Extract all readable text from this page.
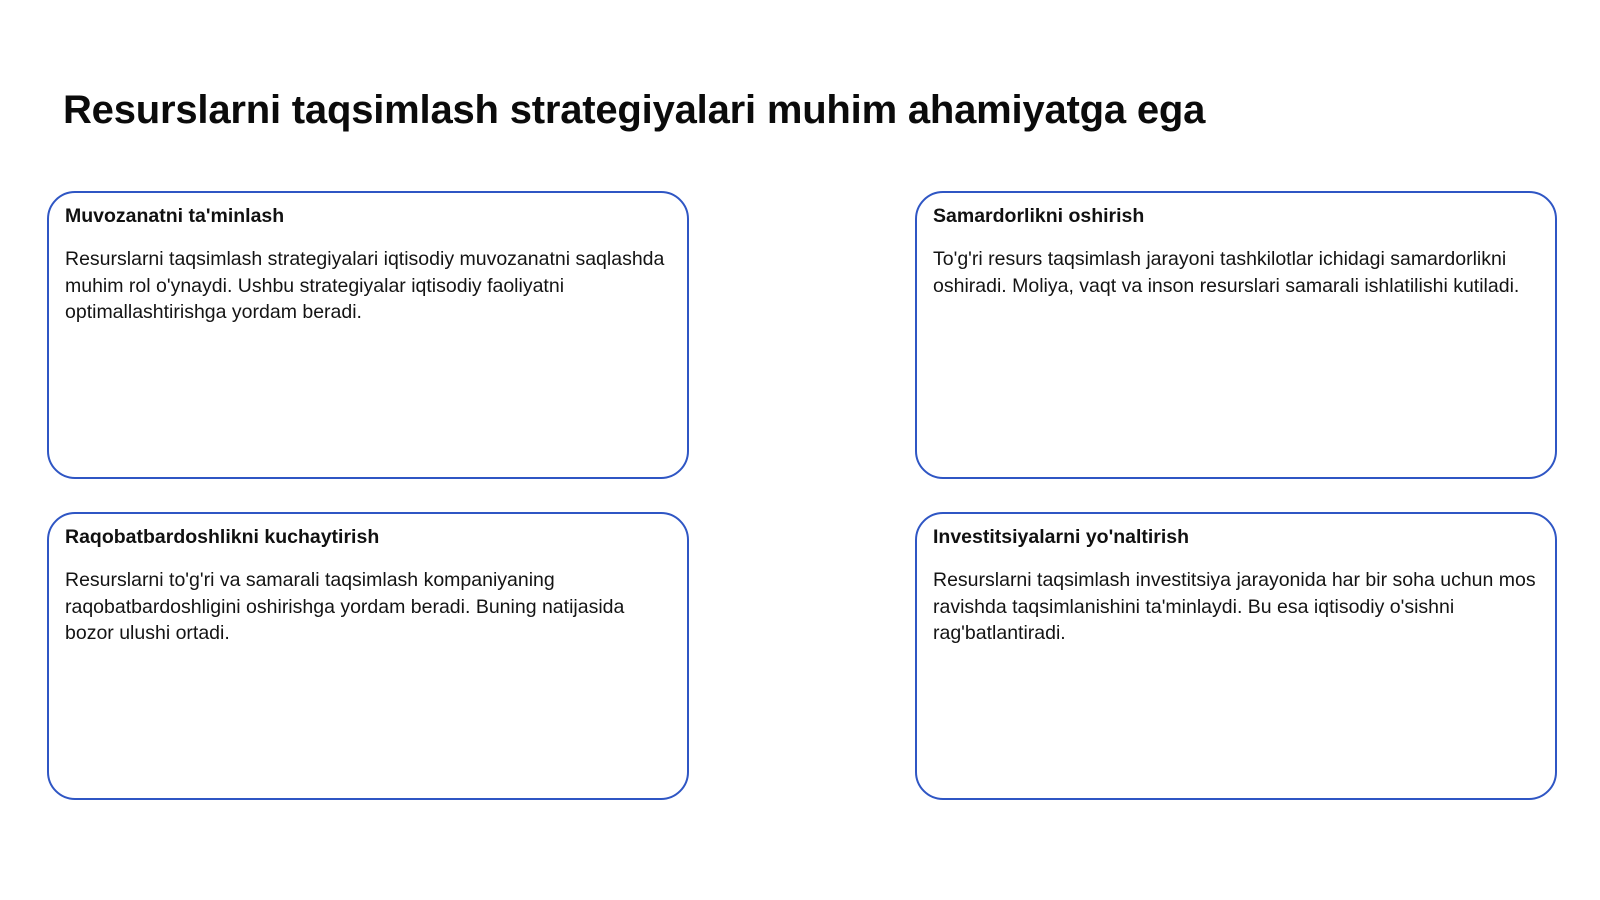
Resurslarni taqsimlash strategiyalari muhim ahamiyatga ega
Muvozanatni ta'minlash

Resurslarni taqsimlash strategiyalari iqtisodiy muvozanatni saqlashda muhim rol o'ynaydi. Ushbu strategiyalar iqtisodiy faoliyatni optimallashtirishga yordam beradi.

Samardorlikni oshirish

To'g'ri resurs taqsimlash jarayoni tashkilotlar ichidagi samardorlikni oshiradi. Moliya, vaqt va inson resurslari samarali ishlatilishi kutiladi.

Raqobatbardoshlikni kuchaytirish

Resurslarni to'g'ri va samarali taqsimlash kompaniyaning raqobatbardoshligini oshirishga yordam beradi. Buning natijasida bozor ulushi ortadi.

Investitsiyalarni yo'naltirish

Resurslarni taqsimlash investitsiya jarayonida har bir soha uchun mos ravishda taqsimlanishini ta'minlaydi. Bu esa iqtisodiy o'sishni rag'batlantiradi.
